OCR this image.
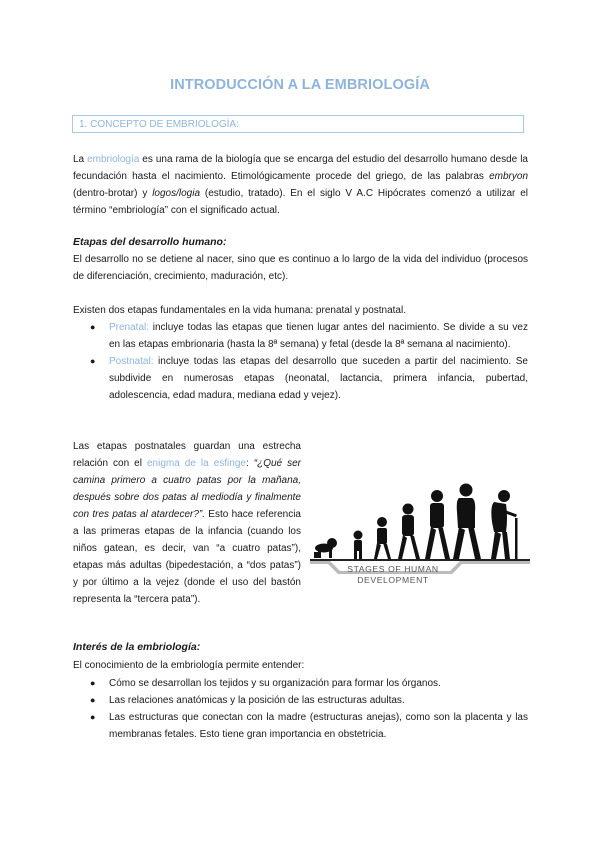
INTRODUCCIÓN A LA EMBRIOLOGÍA
1. CONCEPTO DE EMBRIOLOGÍA:

La embriología es una rama de la biología que se encarga del estudio del desarrollo humano desde la fecundación hasta el nacimiento. Etimológicamente procede del griego, de las palabras embryon (dentro-brotar) y logos/logia (estudio, tratado). En el siglo V A.C Hipócrates comenzó a utilizar el término “embriología” con el significado actual.

Etapas del desarrollo humano:

El desarrollo no se detiene al nacer, sino que es continuo a lo largo de la vida del individuo (procesos de diferenciación, crecimiento, maduración, etc).

Existen dos etapas fundamentales en la vida humana: prenatal y postnatal.

● Prenatal: incluye todas las etapas que tienen lugar antes del nacimiento. Se divide a su vez en las etapas embrionaria (hasta la 8ª semana) y fetal (desde la 8ª semana al nacimiento).
● Postnatal: incluye todas las etapas del desarrollo que suceden a partir del nacimiento. Se subdivide en numerosas etapas (neonatal, lactancia, primera infancia, pubertad, adolescencia, edad madura, mediana edad y vejez).

Las etapas postnatales guardan una estrecha relación con el enigma de la esfinge: “¿Qué ser camina primero a cuatro patas por la mañana, después sobre dos patas al mediodía y finalmente con tres patas al atardecer?”. Esto hace referencia a las primeras etapas de la infancia (cuando los niños gatean, es decir, van “a cuatro patas”), etapas más adultas (bipedestación, a “dos patas”) y por último a la vejez (donde el uso del bastón representa la “tercera pata”).

STAGES OF HUMAN
DEVELOPMENT
Interés de la embriología:

El conocimiento de la embriología permite entender:

● Cómo se desarrollan los tejidos y su organización para formar los órganos.
● Las relaciones anatómicas y la posición de las estructuras adultas.
● Las estructuras que conectan con la madre (estructuras anejas), como son la placenta y las membranas fetales. Esto tiene gran importancia en obstetricia.
